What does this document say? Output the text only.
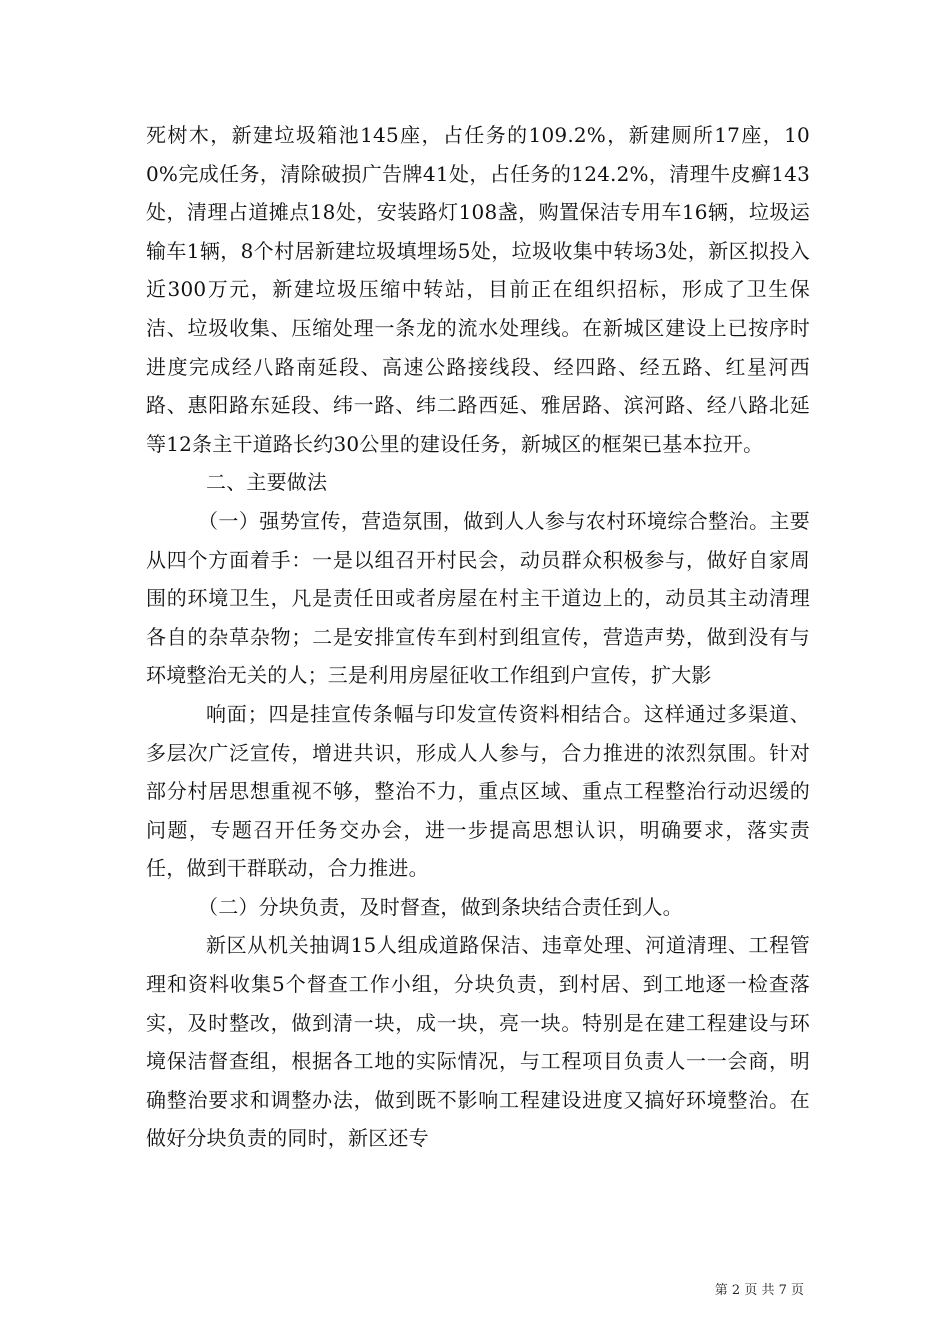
死树木，新建垃圾箱池145座，占任务的109.2%，新建厕所17座，100%完成任务，清除破损广告牌41处，占任务的124.2%，清理牛皮癣143处，清理占道摊点18处，安装路灯108盏，购置保洁专用车16辆，垃圾运输车1辆，8个村居新建垃圾填埋场5处，垃圾收集中转场3处，新区拟投入近300万元，新建垃圾压缩中转站，目前正在组织招标，形成了卫生保洁、垃圾收集、压缩处理一条龙的流水处理线。在新城区建设上已按序时进度完成经八路南延段、高速公路接线段、经四路、经五路、红星河西路、惠阳路东延段、纬一路、纬二路西延、雅居路、滨河路、经八路北延等12条主干道路长约30公里的建设任务，新城区的框架已基本拉开。

二、主要做法

（一）强势宣传，营造氛围，做到人人参与农村环境综合整治。主要从四个方面着手：一是以组召开村民会，动员群众积极参与，做好自家周围的环境卫生，凡是责任田或者房屋在村主干道边上的，动员其主动清理各自的杂草杂物；二是安排宣传车到村到组宣传，营造声势，做到没有与环境整治无关的人；三是利用房屋征收工作组到户宣传，扩大影

响面；四是挂宣传条幅与印发宣传资料相结合。这样通过多渠道、多层次广泛宣传，增进共识，形成人人参与，合力推进的浓烈氛围。针对部分村居思想重视不够，整治不力，重点区域、重点工程整治行动迟缓的问题，专题召开任务交办会，进一步提高思想认识，明确要求，落实责任，做到干群联动，合力推进。

（二）分块负责，及时督查，做到条块结合责任到人。

新区从机关抽调15人组成道路保洁、违章处理、河道清理、工程管理和资料收集5个督查工作小组，分块负责，到村居、到工地逐一检查落实，及时整改，做到清一块，成一块，亮一块。特别是在建工程建设与环境保洁督查组，根据各工地的实际情况，与工程项目负责人一一会商，明确整治要求和调整办法，做到既不影响工程建设进度又搞好环境整治。在做好分块负责的同时，新区还专

第 2 页 共 7 页
